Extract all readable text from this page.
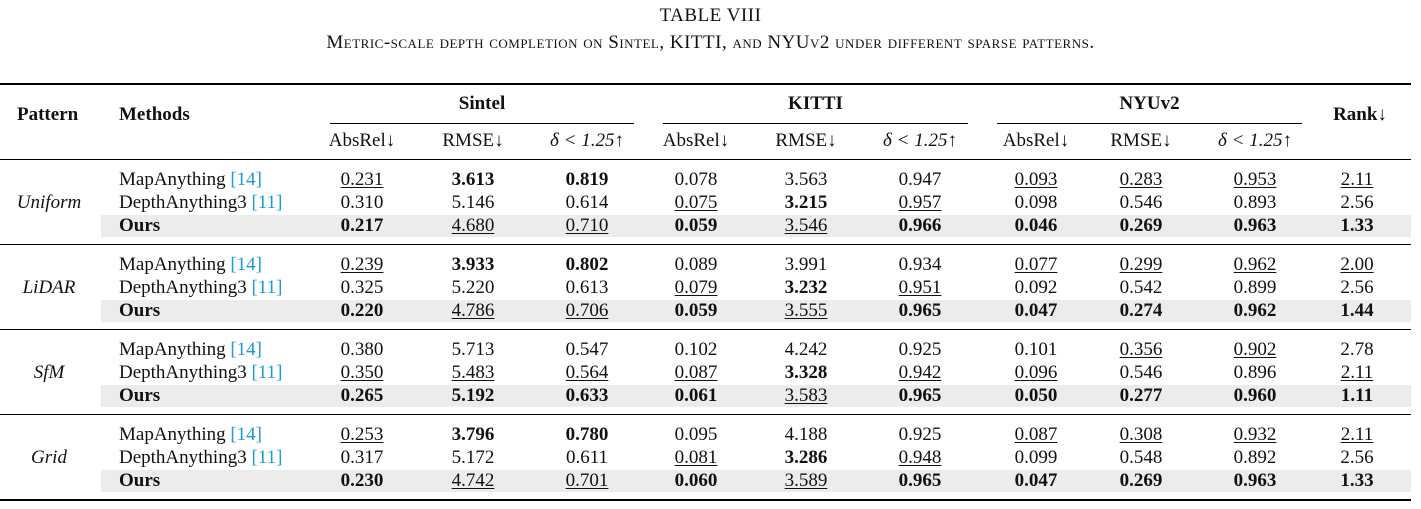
TABLE VIII
Metric-scale depth completion on Sintel, KITTI, and NYUv2 under different sparse patterns.
Pattern Methods	Rank↓
Sintel	KITTI	NYUv2
AbsRel↓ RMSE↓ δ < 1.25↑ AbsRel↓ RMSE↓ δ < 1.25↑ AbsRel↓ RMSE↓ δ < 1.25↑
Uniform
MapAnything [14]	0.231	3.613	0.819	0.078	3.563	0.947	0.093	0.283	0.953	2.11
DepthAnything3 [11]	0.310	5.146	0.614	0.075	3.215	0.957	0.098	0.546	0.893	2.56
Ours	0.217	4.680	0.710	0.059	3.546	0.966	0.046	0.269	0.963	1.33
LiDAR
MapAnything [14]	0.239	3.933	0.802	0.089	3.991	0.934	0.077	0.299	0.962	2.00
DepthAnything3 [11]	0.325	5.220	0.613	0.079	3.232	0.951	0.092	0.542	0.899	2.56
Ours	0.220	4.786	0.706	0.059	3.555	0.965	0.047	0.274	0.962	1.44
SfM
MapAnything [14]	0.380	5.713	0.547	0.102	4.242	0.925	0.101	0.356	0.902	2.78
DepthAnything3 [11]	0.350	5.483	0.564	0.087	3.328	0.942	0.096	0.546	0.896	2.11
Ours	0.265	5.192	0.633	0.061	3.583	0.965	0.050	0.277	0.960	1.11
Grid
MapAnything [14]	0.253	3.796	0.780	0.095	4.188	0.925	0.087	0.308	0.932	2.11
DepthAnything3 [11]	0.317	5.172	0.611	0.081	3.286	0.948	0.099	0.548	0.892	2.56
Ours	0.230	4.742	0.701	0.060	3.589	0.965	0.047	0.269	0.963	1.33
